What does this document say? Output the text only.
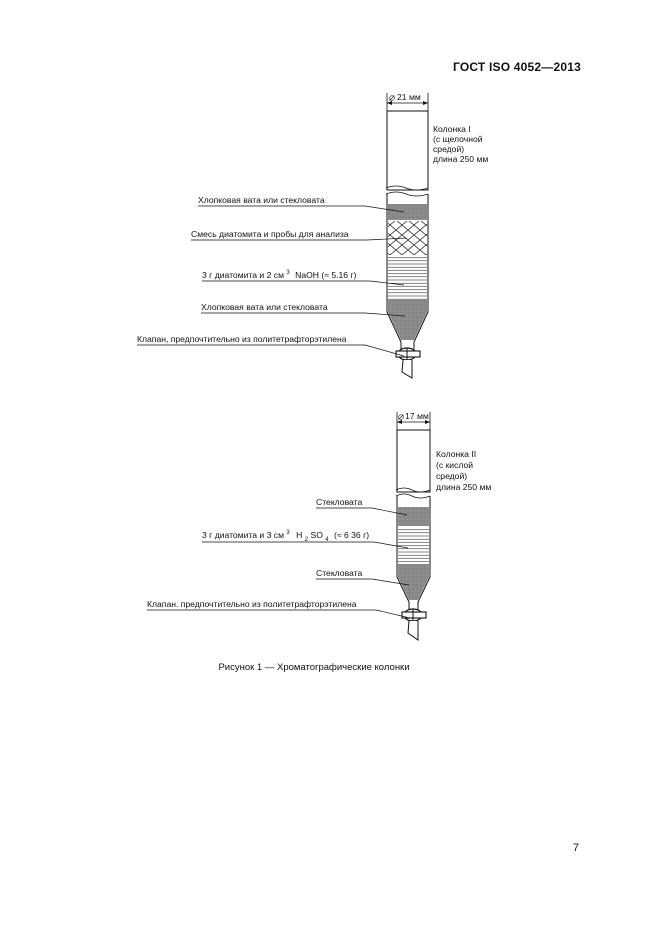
ГОСТ ISO 4052—2013
21 мм
Колонка I (с щелочной средой) длина 250 мм
Хлопковая вата или стекловата
Смесь диатомита и пробы для анализа
3 г диатомита и 2 см $^3$ NaOH (≈ 5.16 г)
Хлопковая вата или стекловата
Клапан, предпочтительно из политетрафторэтилена
17 мм
Колонка II (с кислой средой) длина 250 мм
Стекловата
3 г диатомита и 3 см $^3$ H $_2$ SO $_4$ (≈ 6 36 г)
Стекловата
Клапан. предпочтительно из политетрафторэтилена
Рисунок 1 — Хроматографические колонки
7
